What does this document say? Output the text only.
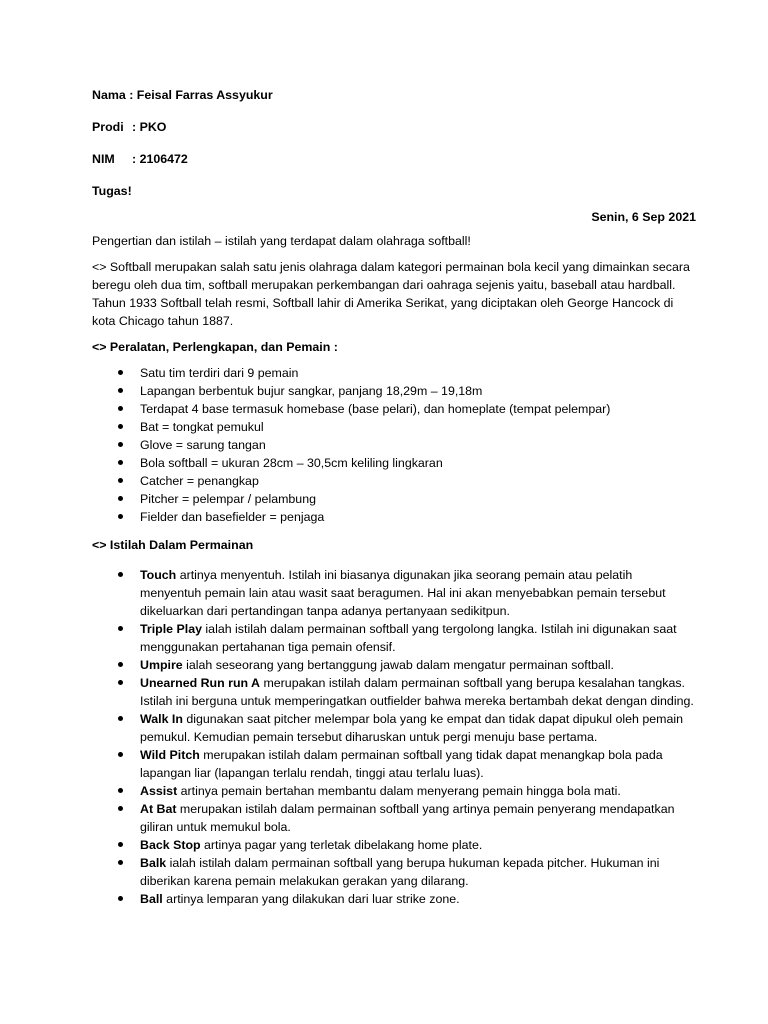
Nama : Feisal Farras Assyukur
Prodi : PKO
NIM : 2106472
Tugas!
Senin, 6 Sep 2021

Pengertian dan istilah – istilah yang terdapat dalam olahraga softball!

<> Softball merupakan salah satu jenis olahraga dalam kategori permainan bola kecil yang dimainkan secara beregu oleh dua tim, softball merupakan perkembangan dari oahraga sejenis yaitu, baseball atau hardball. Tahun 1933 Softball telah resmi, Softball lahir di Amerika Serikat, yang diciptakan oleh George Hancock di kota Chicago tahun 1887.

<> Peralatan, Perlengkapan, dan Pemain :
Satu tim terdiri dari 9 pemain
Lapangan berbentuk bujur sangkar, panjang 18,29m – 19,18m
Terdapat 4 base termasuk homebase (base pelari), dan homeplate (tempat pelempar)
Bat = tongkat pemukul
Glove = sarung tangan
Bola softball = ukuran 28cm – 30,5cm keliling lingkaran
Catcher = penangkap
Pitcher = pelempar / pelambung
Fielder dan basefielder = penjaga
<> Istilah Dalam Permainan
Touch artinya menyentuh. Istilah ini biasanya digunakan jika seorang pemain atau pelatih menyentuh pemain lain atau wasit saat beragumen. Hal ini akan menyebabkan pemain tersebut dikeluarkan dari pertandingan tanpa adanya pertanyaan sedikitpun.
Triple Play ialah istilah dalam permainan softball yang tergolong langka. Istilah ini digunakan saat menggunakan pertahanan tiga pemain ofensif.
Umpire ialah seseorang yang bertanggung jawab dalam mengatur permainan softball.
Unearned Run run A merupakan istilah dalam permainan softball yang berupa kesalahan tangkas. Istilah ini berguna untuk memperingatkan outfielder bahwa mereka bertambah dekat dengan dinding.
Walk In digunakan saat pitcher melempar bola yang ke empat dan tidak dapat dipukul oleh pemain pemukul. Kemudian pemain tersebut diharuskan untuk pergi menuju base pertama.
Wild Pitch merupakan istilah dalam permainan softball yang tidak dapat menangkap bola pada lapangan liar (lapangan terlalu rendah, tinggi atau terlalu luas).
Assist artinya pemain bertahan membantu dalam menyerang pemain hingga bola mati.
At Bat merupakan istilah dalam permainan softball yang artinya pemain penyerang mendapatkan giliran untuk memukul bola.
Back Stop artinya pagar yang terletak dibelakang home plate.
Balk ialah istilah dalam permainan softball yang berupa hukuman kepada pitcher. Hukuman ini diberikan karena pemain melakukan gerakan yang dilarang.
Ball artinya lemparan yang dilakukan dari luar strike zone.
